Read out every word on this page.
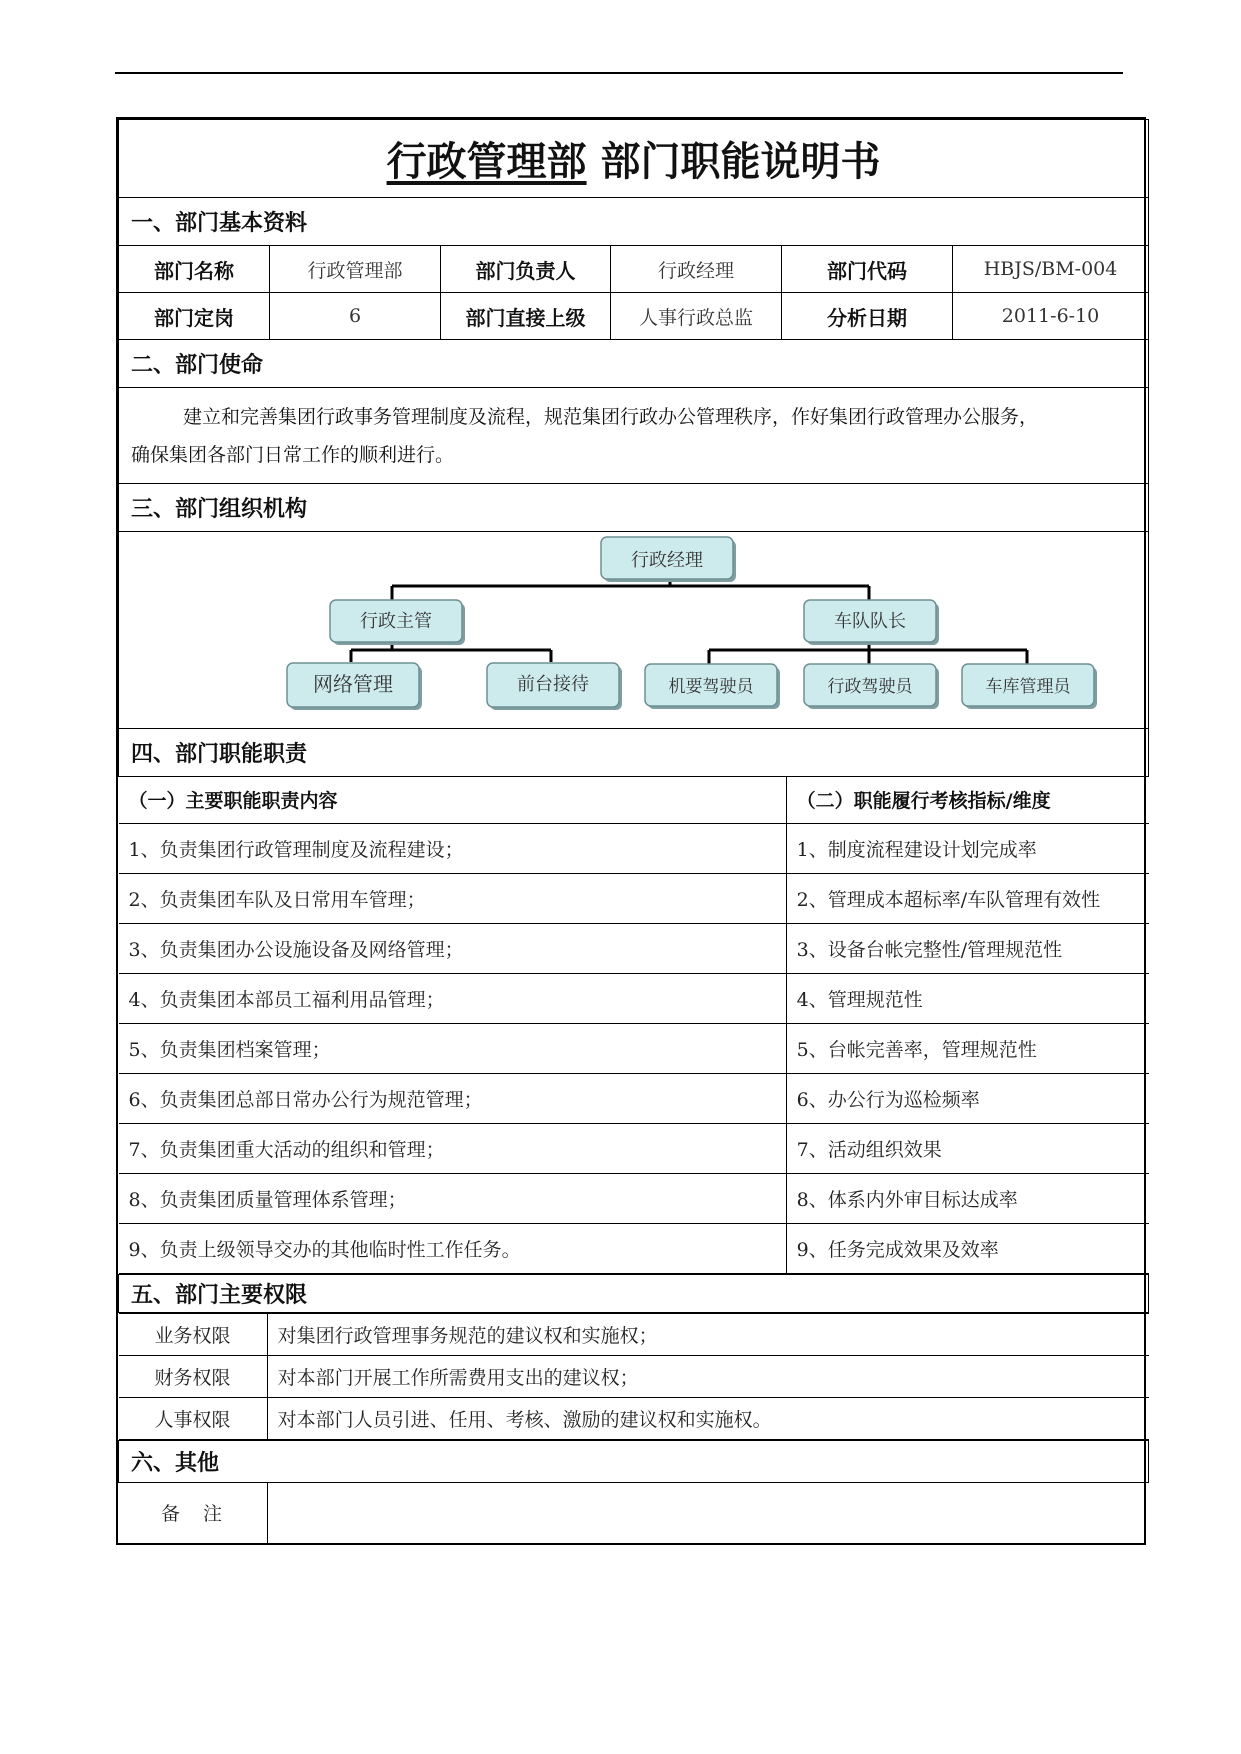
行政管理部 部门职能说明书
一、部门基本资料
部门名称	行政管理部	部门负责人	行政经理	部门代码	HBJS/BM-004
部门定岗	6	部门直接上级	人事行政总监	分析日期	2011-6-10
二、部门使命
建立和完善集团行政事务管理制度及流程，规范集团行政办公管理秩序，作好集团行政管理办公服务，
确保集团各部门日常工作的顺利进行。
三、部门组织机构

行政经理
行政主管	车队队长
网络管理	前台接待	机要驾驶员	行政驾驶员	车库管理员

四、部门职能职责

（一）主要职能职责内容	（二）职能履行考核指标/维度
1、负责集团行政管理制度及流程建设；	1、制度流程建设计划完成率
2、负责集团车队及日常用车管理；	2、管理成本超标率/车队管理有效性
3、负责集团办公设施设备及网络管理；	3、设备台帐完整性/管理规范性
4、负责集团本部员工福利用品管理；	4、管理规范性
5、负责集团档案管理；	5、台帐完善率，管理规范性
6、负责集团总部日常办公行为规范管理；	6、办公行为巡检频率
7、负责集团重大活动的组织和管理；	7、活动组织效果
8、负责集团质量管理体系管理；	8、体系内外审目标达成率
9、负责上级领导交办的其他临时性工作任务。	9、任务完成效果及效率

五、部门主要权限

业务权限	对集团行政管理事务规范的建议权和实施权；
财务权限	对本部门开展工作所需费用支出的建议权；
人事权限	对本部门人员引进、任用、考核、激励的建议权和实施权。

六、其他

备　注	
